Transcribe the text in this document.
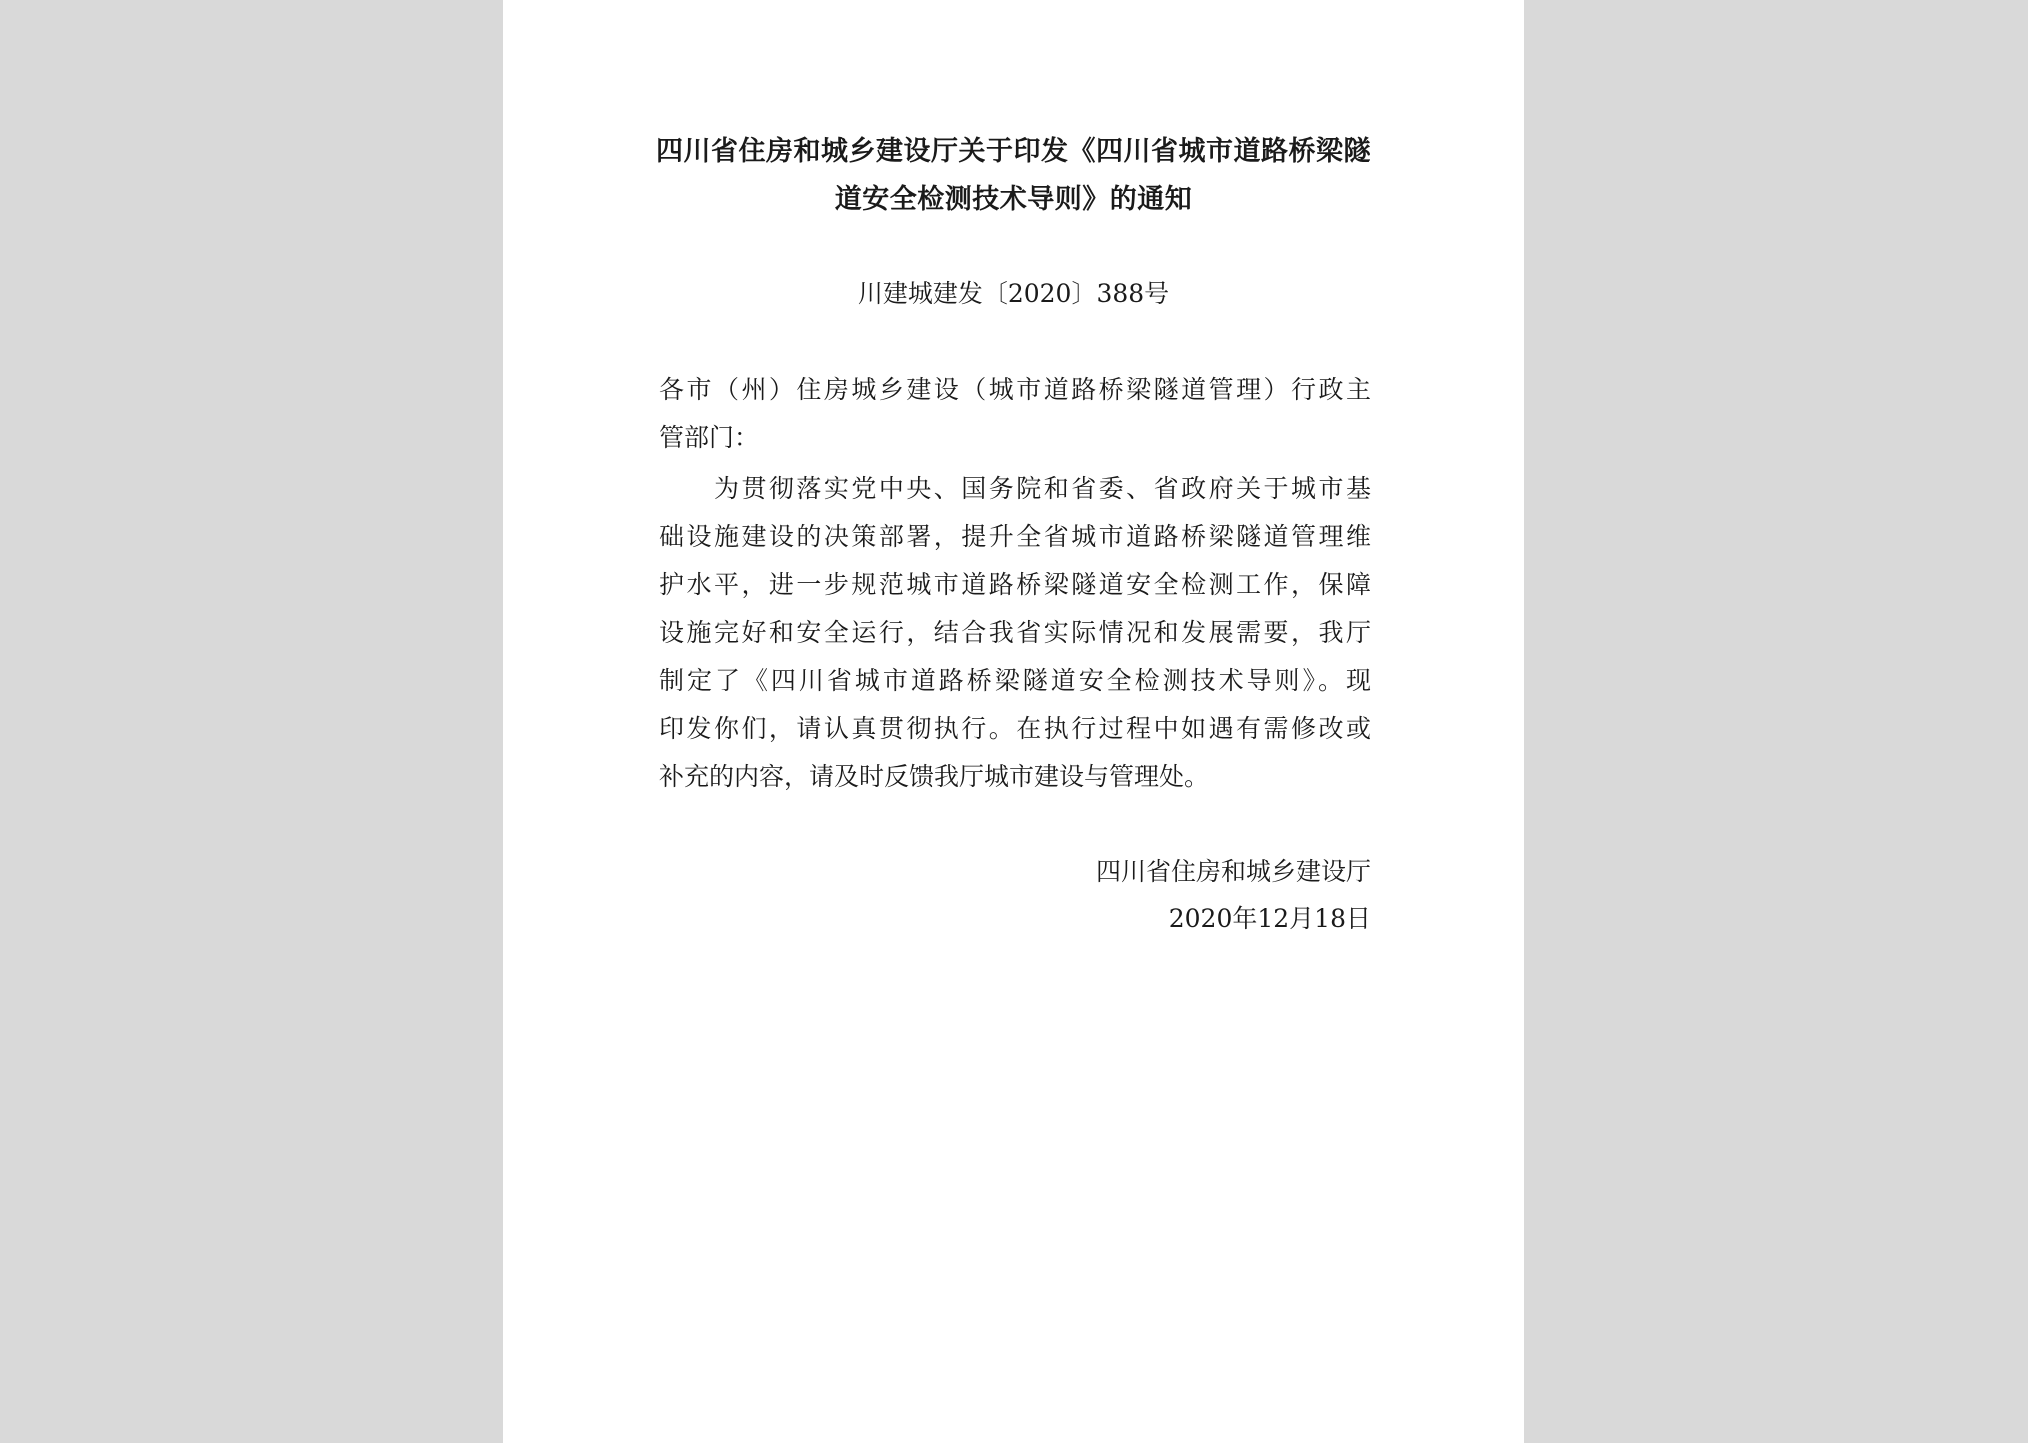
四川省住房和城乡建设厅关于印发《四川省城市道路桥梁隧
道安全检测技术导则》的通知
川建城建发〔2020〕388号
各市（州）住房城乡建设（城市道路桥梁隧道管理）行政主
管部门：
　　为贯彻落实党中央、国务院和省委、省政府关于城市基
础设施建设的决策部署，提升全省城市道路桥梁隧道管理维
护水平，进一步规范城市道路桥梁隧道安全检测工作，保障
设施完好和安全运行，结合我省实际情况和发展需要，我厅
制定了《四川省城市道路桥梁隧道安全检测技术导则》。现
印发你们，请认真贯彻执行。在执行过程中如遇有需修改或
补充的内容，请及时反馈我厅城市建设与管理处。
四川省住房和城乡建设厅
2020年12月18日
